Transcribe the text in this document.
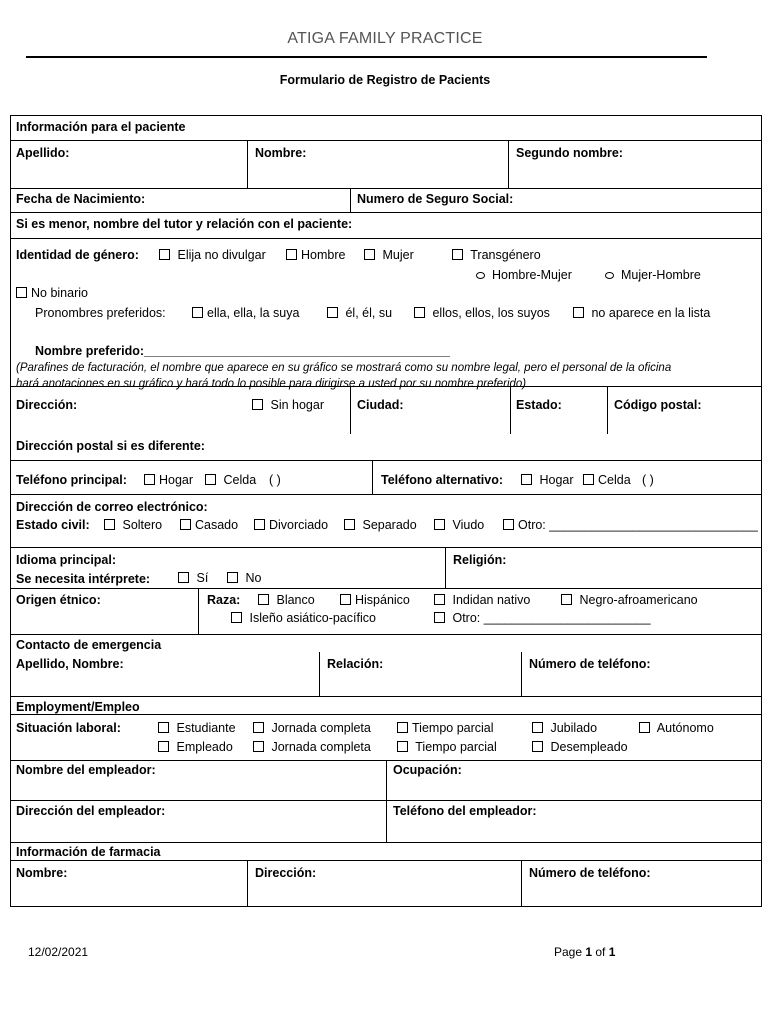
ATIGA FAMILY PRACTICE
Formulario de Registro de Pacients
Información para el paciente
Apellido:	Nombre:	Segundo nombre:
Fecha de Nacimiento:	Numero de Seguro Social:
Si es menor, nombre del tutor y relación con el paciente:
Identidad de género:	Elija no divulgar	Hombre	Mujer	Transgénero
Hombre-Mujer	Mujer-Hombre
No binario
Pronombres preferidos:	ella, ella, la suya	él, él, su	ellos, ellos, los suyos	no aparece en la lista
Nombre preferido:____________________________________________
(Parafines de facturación, el nombre que aparece en su gráfico se mostrará como su nombre legal, pero el personal de la oficina
hará anotaciones en su gráfico y hará todo lo posible para dirigirse a usted por su nombre preferido)
Dirección:	Sin hogar	Ciudad:	Estado:	Código postal:
Dirección postal si es diferente:
Teléfono principal:	Hogar	Celda ( )	Teléfono alternativo:	Hogar	Celda ( )
Dirección de correo electrónico:
Estado civil:	Soltero	Casado	Divorciado	Separado	Viudo	Otro: ______________________________
Idioma principal:	Religión:
Se necesita intérprete:	Sí	No
Origen étnico:	Raza:	Blanco	Hispánico	Indidan nativo	Negro-afroamericano
Isleño asiático-pacífico	Otro: ________________________
Contacto de emergencia
Apellido, Nombre:	Relación:	Número de teléfono:
Employment/Empleo
Situación laboral:	Estudiante	Jornada completa	Tiempo parcial	Jubilado	Autónomo
Empleado	Jornada completa	Tiempo parcial	Desempleado
Nombre del empleador:	Ocupación:
Dirección del empleador:	Teléfono del empleador:
Información de farmacia
Nombre:	Dirección:	Número de teléfono:
12/02/2021	Page 1 of 1
